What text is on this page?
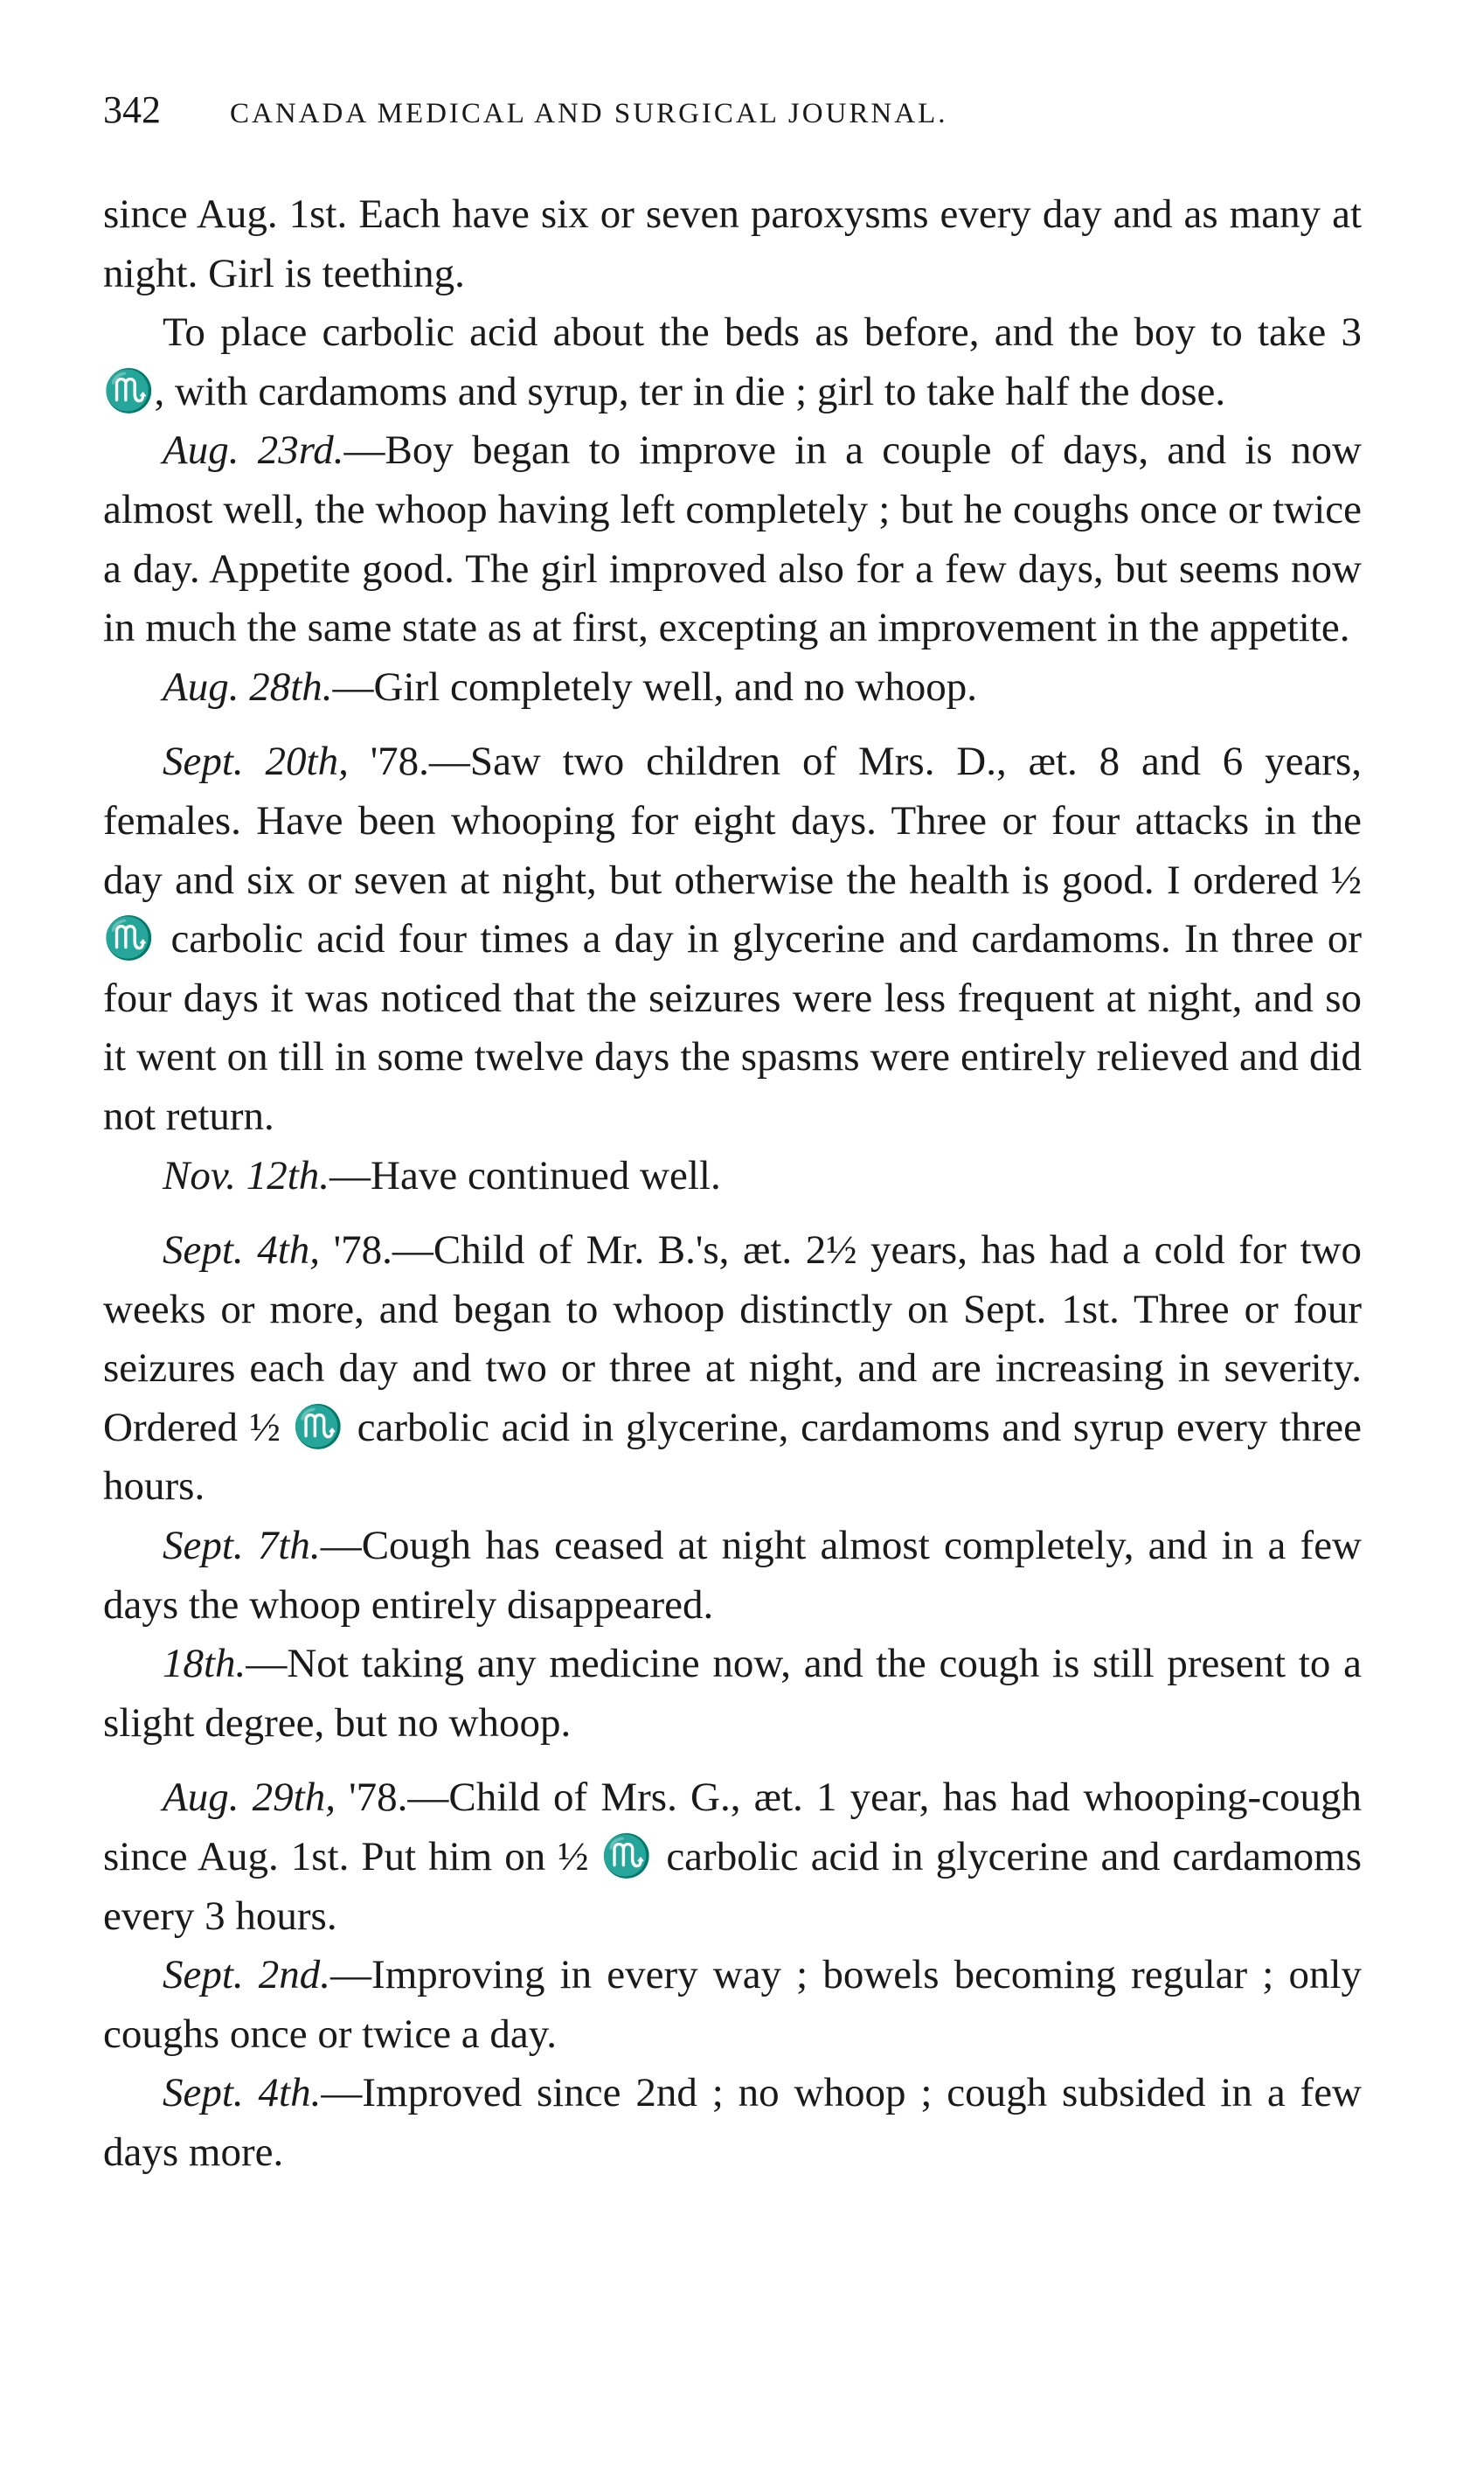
342	CANADA MEDICAL AND SURGICAL JOURNAL.

since Aug. 1st. Each have six or seven paroxysms every day and as many at night. Girl is teething.

To place carbolic acid about the beds as before, and the boy to take 3 ♏, with cardamoms and syrup, ter in die ; girl to take half the dose.

Aug. 23rd.—Boy began to improve in a couple of days, and is now almost well, the whoop having left completely ; but he coughs once or twice a day. Appetite good. The girl improved also for a few days, but seems now in much the same state as at first, excepting an improvement in the appetite.

Aug. 28th.—Girl completely well, and no whoop.

Sept. 20th, '78.—Saw two children of Mrs. D., æt. 8 and 6 years, females. Have been whooping for eight days. Three or four attacks in the day and six or seven at night, but otherwise the health is good. I ordered ½ ♏ carbolic acid four times a day in glycerine and cardamoms. In three or four days it was noticed that the seizures were less frequent at night, and so it went on till in some twelve days the spasms were entirely relieved and did not return.

Nov. 12th.—Have continued well.

Sept. 4th, '78.—Child of Mr. B.'s, æt. 2½ years, has had a cold for two weeks or more, and began to whoop distinctly on Sept. 1st. Three or four seizures each day and two or three at night, and are increasing in severity. Ordered ½ ♏ carbolic acid in glycerine, cardamoms and syrup every three hours.

Sept. 7th.—Cough has ceased at night almost completely, and in a few days the whoop entirely disappeared.

18th.—Not taking any medicine now, and the cough is still present to a slight degree, but no whoop.

Aug. 29th, '78.—Child of Mrs. G., æt. 1 year, has had whooping-cough since Aug. 1st. Put him on ½ ♏ carbolic acid in glycerine and cardamoms every 3 hours.

Sept. 2nd.—Improving in every way ; bowels becoming regular ; only coughs once or twice a day.

Sept. 4th.—Improved since 2nd ; no whoop ; cough subsided in a few days more.
